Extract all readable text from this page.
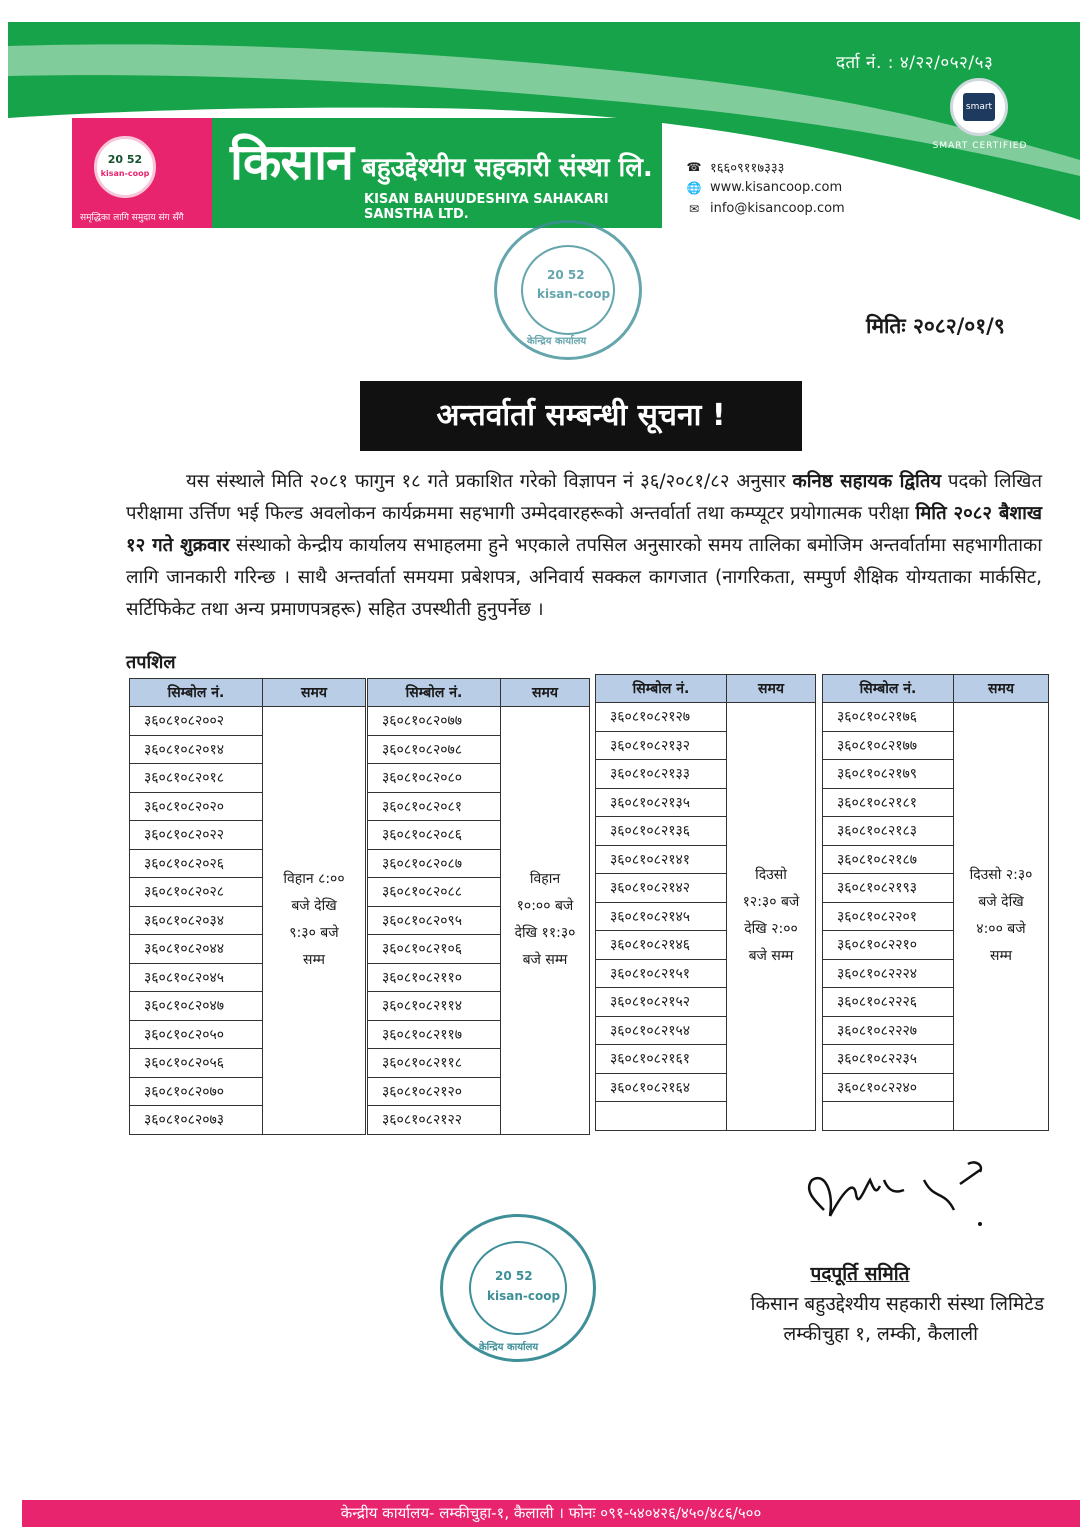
दर्ता नं. : ४/२२/०५२/५३
smart
SMART CERTIFIED
20 52
kisan-coop
समृद्धिका लागि समुदाय संग सँगै
किसान बहुउद्देश्यीय सहकारी संस्था लि.
KISAN BAHUUDESHIYA SAHAKARI SANSTHA LTD.
☎ १६६०९११७३३३
🌐 www.kisancoop.com
✉ info@kisancoop.com
20 52
kisan-coop
केन्द्रिय कार्यालय
मितिः २०८२/०१/९
अन्तर्वार्ता सम्बन्धी सूचना !
यस संस्थाले मिति २०८१ फागुन १८ गते प्रकाशित गरेको विज्ञापन नं ३६/२०८१/८२ अनुसार कनिष्ठ सहायक द्वितिय पदको लिखित परीक्षामा उर्त्तिण भई फिल्ड अवलोकन कार्यक्रममा सहभागी उम्मेदवारहरूको अन्तर्वार्ता तथा कम्प्यूटर प्रयोगात्मक परीक्षा मिति २०८२ बैशाख १२ गते शुक्रवार संस्थाको केन्द्रीय कार्यालय सभाहलमा हुने भएकाले तपसिल अनुसारको समय तालिका बमोजिम अन्तर्वार्तामा सहभागीताका लागि जानकारी गरिन्छ । साथै अन्तर्वार्ता समयमा प्रबेशपत्र, अनिवार्य सक्कल कागजात (नागरिकता, सम्पुर्ण शैक्षिक योग्यताका मार्कसिट, सर्टिफिकेट तथा अन्य प्रमाणपत्रहरू) सहित उपस्थीती हुनुपर्नेछ ।
तपशिल
सिम्बोल नं.	समय
३६०८१०८२००२	विहान ८:००
बजे देखि
९:३० बजे
सम्म

३६०८१०८२०१४	
३६०८१०८२०१८	
३६०८१०८२०२०	
३६०८१०८२०२२	
३६०८१०८२०२६	
३६०८१०८२०२८	
३६०८१०८२०३४	
३६०८१०८२०४४	
३६०८१०८२०४५	
३६०८१०८२०४७	
३६०८१०८२०५०	
३६०८१०८२०५६	
३६०८१०८२०७०	
३६०८१०८२०७३	
सिम्बोल नं.	समय
३६०८१०८२०७७	विहान
१०:०० बजे
देखि ११:३०
बजे सम्म

३६०८१०८२०७८	
३६०८१०८२०८०	
३६०८१०८२०८१	
३६०८१०८२०८६	
३६०८१०८२०८७	
३६०८१०८२०८८	
३६०८१०८२०९५	
३६०८१०८२१०६	
३६०८१०८२११०	
३६०८१०८२११४	
३६०८१०८२११७	
३६०८१०८२११८	
३६०८१०८२१२०	
३६०८१०८२१२२	
सिम्बोल नं.	समय
३६०८१०८२१२७	दिउसो
१२:३० बजे
देखि २:००
बजे सम्म

३६०८१०८२१३२	
३६०८१०८२१३३	
३६०८१०८२१३५	
३६०८१०८२१३६	
३६०८१०८२१४१	
३६०८१०८२१४२	
३६०८१०८२१४५	
३६०८१०८२१४६	
३६०८१०८२१५१	
३६०८१०८२१५२	
३६०८१०८२१५४	
३६०८१०८२१६१	
३६०८१०८२१६४	

सिम्बोल नं.	समय
३६०८१०८२१७६	दिउसो २:३०
बजे देखि
४:०० बजे
सम्म

३६०८१०८२१७७	
३६०८१०८२१७९	
३६०८१०८२१८१	
३६०८१०८२१८३	
३६०८१०८२१८७	
३६०८१०८२१९३	
३६०८१०८२२०१	
३६०८१०८२२१०	
३६०८१०८२२२४	
३६०८१०८२२२६	
३६०८१०८२२२७	
३६०८१०८२२३५	
३६०८१०८२२४०	

20 52
kisan-coop
केन्द्रिय कार्यालय
पदपूर्ति समिति
किसान बहुउद्देश्यीय सहकारी संस्था लिमिटेड
लम्कीचुहा १, लम्की, कैलाली
केन्द्रीय कार्यालय- लम्कीचुहा-१, कैलाली । फोनः ०९१-५४०४२६/४५०/४८६/५००
